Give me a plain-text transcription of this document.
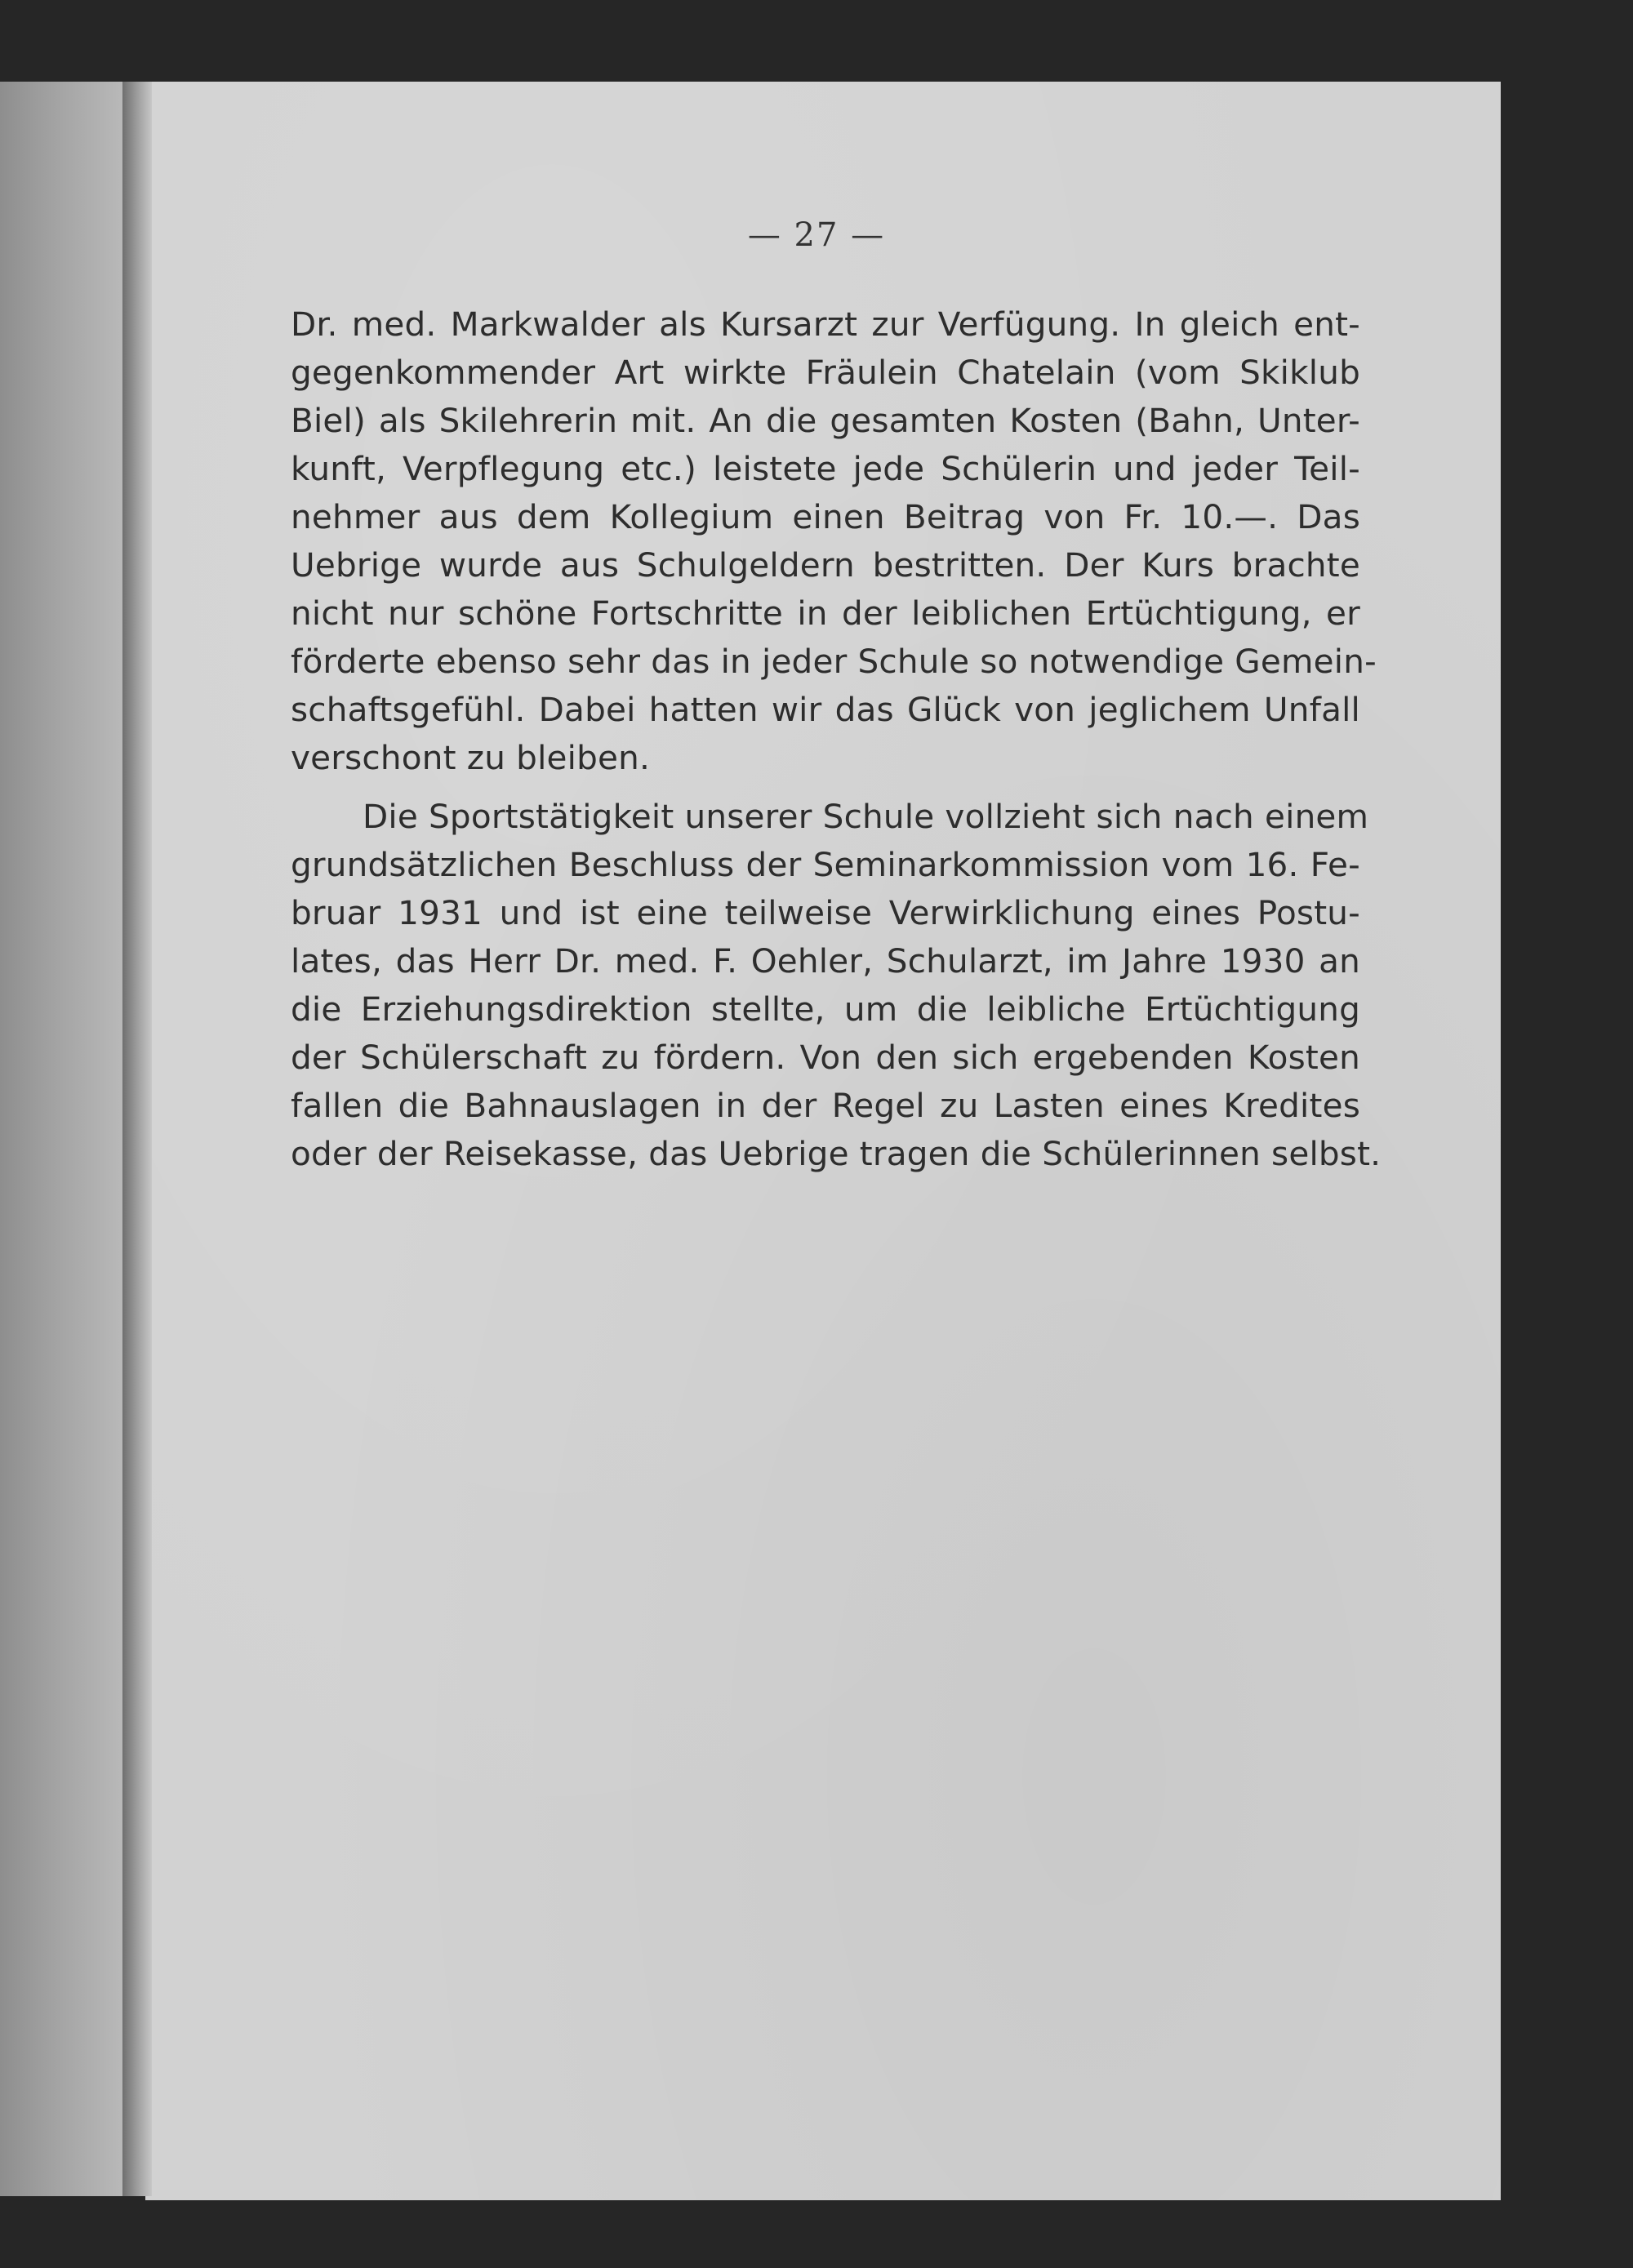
— 27 —
Dr. med. Markwalder als Kursarzt zur Verfügung. In gleich ent-
gegenkommender Art wirkte Fräulein Chatelain (vom Skiklub
Biel) als Skilehrerin mit. An die gesamten Kosten (Bahn, Unter-
kunft, Verpflegung etc.) leistete jede Schülerin und jeder Teil-
nehmer aus dem Kollegium einen Beitrag von Fr. 10.—. Das
Uebrige wurde aus Schulgeldern bestritten. Der Kurs brachte
nicht nur schöne Fortschritte in der leiblichen Ertüchtigung, er
förderte ebenso sehr das in jeder Schule so notwendige Gemein-
schaftsgefühl. Dabei hatten wir das Glück von jeglichem Unfall
verschont zu bleiben.
Die Sportstätigkeit unserer Schule vollzieht sich nach einem
grundsätzlichen Beschluss der Seminarkommission vom 16. Fe-
bruar 1931 und ist eine teilweise Verwirklichung eines Postu-
lates, das Herr Dr. med. F. Oehler, Schularzt, im Jahre 1930 an
die Erziehungsdirektion stellte, um die leibliche Ertüchtigung
der Schülerschaft zu fördern. Von den sich ergebenden Kosten
fallen die Bahnauslagen in der Regel zu Lasten eines Kredites
oder der Reisekasse, das Uebrige tragen die Schülerinnen selbst.
